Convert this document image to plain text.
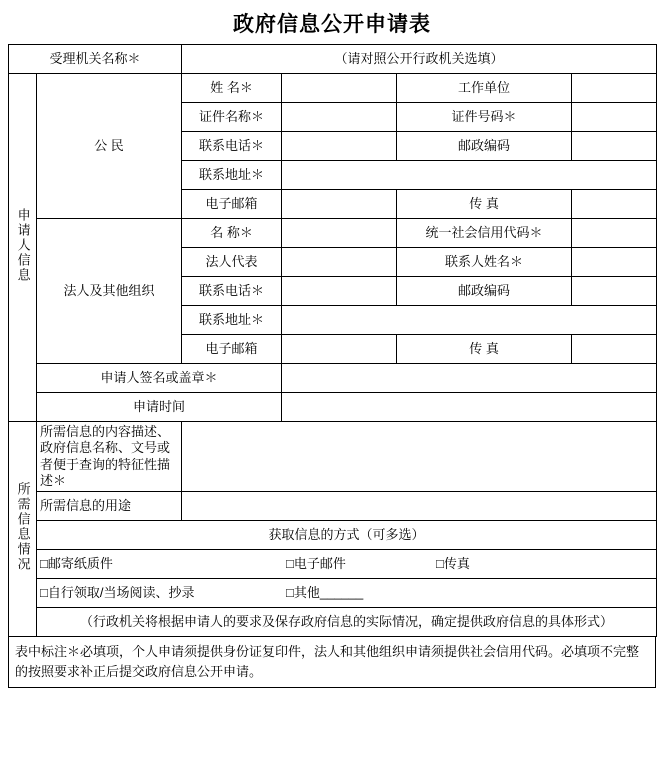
政府信息公开申请表
受理机关名称＊		（请对照公开行政机关选填）			
申请人信息	公 民	姓 名＊		工作单位	
		证件名称＊		证件号码＊	
		联系电话＊		邮政编码	
		联系地址＊			
		电子邮箱		传 真	
	法人及其他组织	名 称＊		统一社会信用代码＊	
		法人代表		联系人姓名＊	
		联系电话＊		邮政编码	
		联系地址＊			
		电子邮箱		传 真	
	申请人签名或盖章＊				
	申请时间				
所需信息情况	所需信息的内容描述、政府信息名称、文号或者便于查询的特征性描述＊				
	所需信息的用途				
	获取信息的方式（可多选）				

	□邮寄纸质件 □电子邮件 □传真				

	□自行领取/当场阅读、抄录 □其他______				

	（行政机关将根据申请人的要求及保存政府信息的实际情况，确定提供政府信息的具体形式）				
表中标注＊必填项，个人申请须提供身份证复印件，法人和其他组织申请须提供社会信用代码。必填项不完整的按照要求补正后提交政府信息公开申请。
